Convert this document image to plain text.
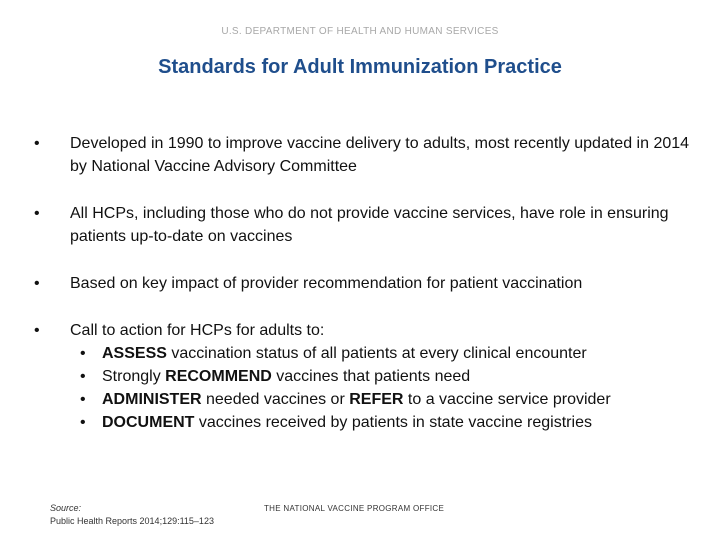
U.S. DEPARTMENT OF HEALTH AND HUMAN SERVICES
Standards for Adult Immunization Practice
• Developed in 1990 to improve vaccine delivery to adults, most recently updated in 2014 by National Vaccine Advisory Committee
• All HCPs, including those who do not provide vaccine services, have role in ensuring patients up-to-date on vaccines
• Based on key impact of provider recommendation for patient vaccination
• Call to action for HCPs for adults to:
• ASSESS vaccination status of all patients at every clinical encounter
• Strongly RECOMMEND vaccines that patients need
• ADMINISTER needed vaccines or REFER to a vaccine service provider
• DOCUMENT vaccines received by patients in state vaccine registries
Source:
Public Health Reports 2014;129:115–123
THE NATIONAL VACCINE PROGRAM OFFICE
